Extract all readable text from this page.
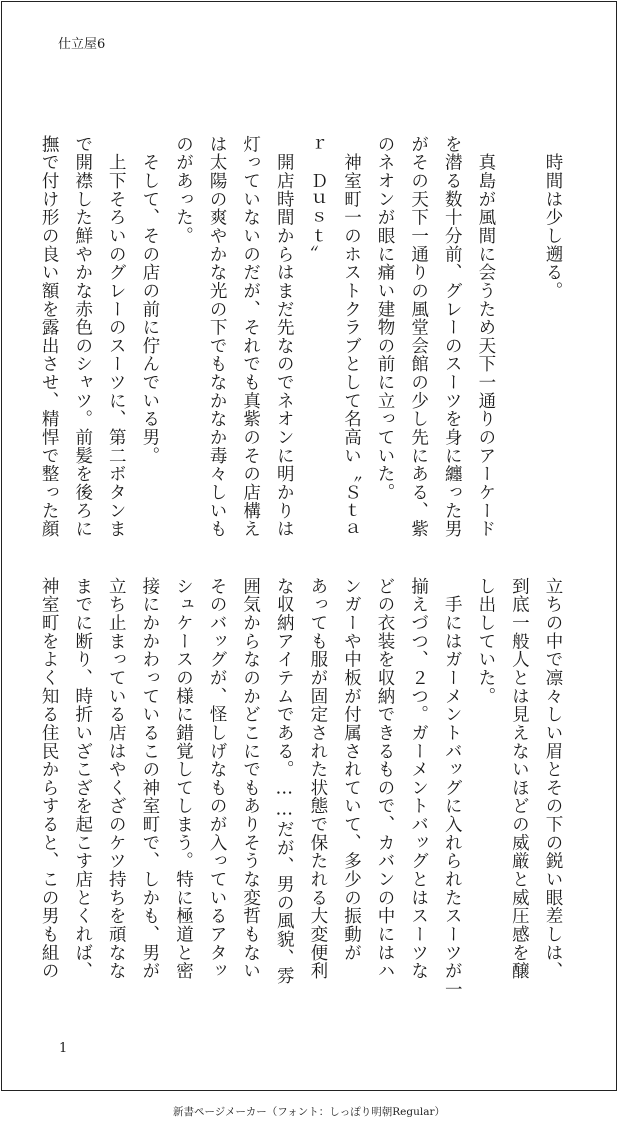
仕立屋6
　時間は少し遡る。

　真島が風間に会うため天下一通りのアーケード
を潜る数十分前、グレーのスーツを身に纏った男
がその天下一通りの風堂会館の少し先にある、紫
のネオンが眼に痛い建物の前に立っていた。
　神室町一のホストクラブとして名高い〝Ｓｔａ
ｒ　Ｄｕｓｔ〟
　開店時間からはまだ先なのでネオンに明かりは
灯っていないのだが、それでも真紫のその店構え
は太陽の爽やかな光の下でもなかなか毒々しいも
のがあった。
　そして、その店の前に佇んでいる男。
　上下そろいのグレーのスーツに、第二ボタンま
で開襟した鮮やかな赤色のシャツ。前髪を後ろに
撫で付け形の良い額を露出させ、精悍で整った顔
立ちの中で凛々しい眉とその下の鋭い眼差しは、
到底一般人とは見えないほどの威厳と威圧感を醸
し出していた。
　手にはガーメントバッグに入れられたスーツが一
揃えづつ、２つ。ガーメントバッグとはスーツな
どの衣装を収納できるもので、カバンの中にはハ
ンガーや中板が付属されていて、多少の振動が
あっても服が固定された状態で保たれる大変便利
な収納アイテムである。……だが、男の風貌、雰
囲気からなのかどこにでもありそうな変哲もない
そのバッグが、怪しげなものが入っているアタッ
シュケースの様に錯覚してしまう。特に極道と密
接にかかわっているこの神室町で、しかも、男が
立ち止まっている店はやくざのケツ持ちを頑なな
までに断り、時折いざこざを起こす店とくれば、
神室町をよく知る住民からすると、この男も組の
1
新書ページメーカー（フォント：しっぽり明朝Regular）
